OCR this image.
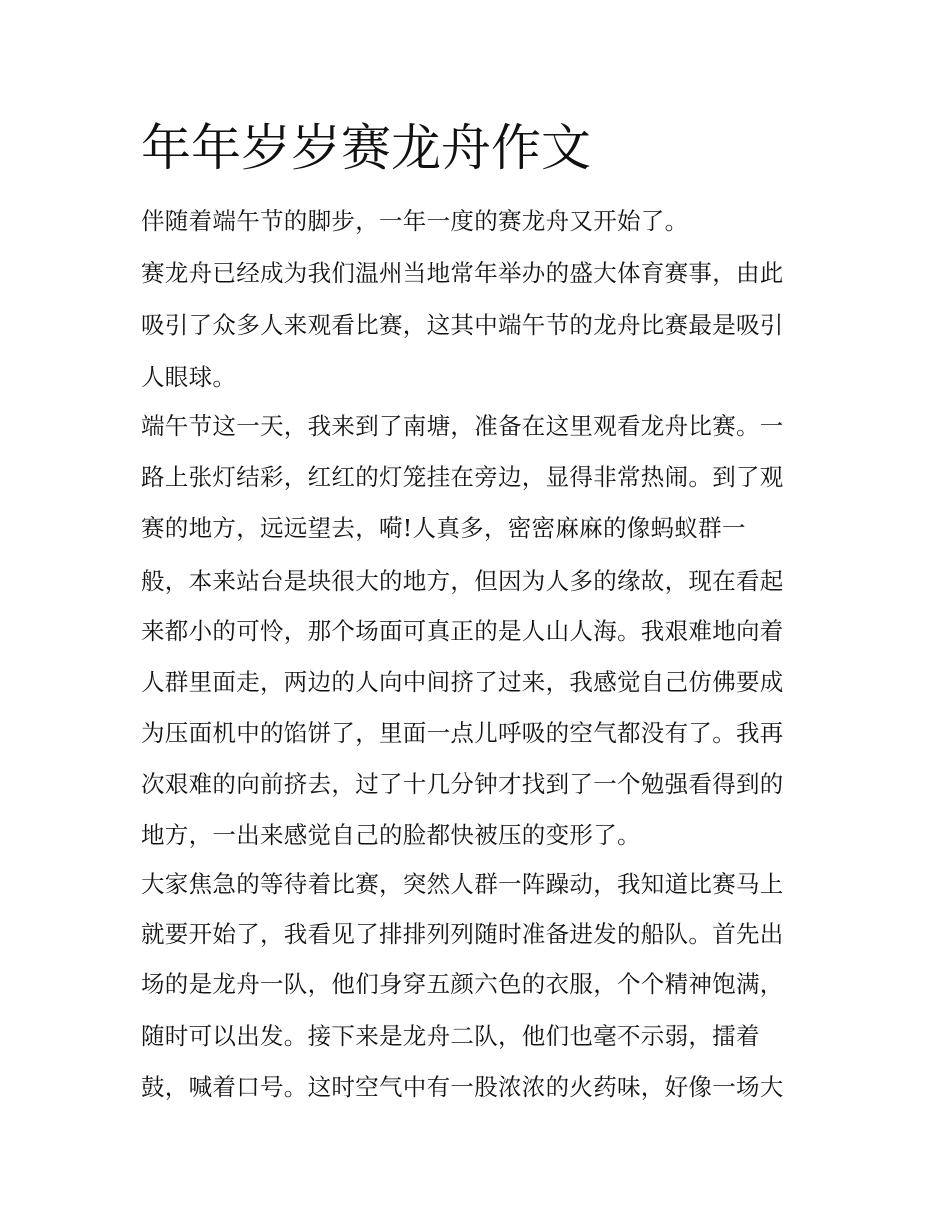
年年岁岁赛龙舟作文

伴随着端午节的脚步，一年一度的赛龙舟又开始了。

赛龙舟已经成为我们温州当地常年举办的盛大体育赛事，由此

吸引了众多人来观看比赛，这其中端午节的龙舟比赛最是吸引

人眼球。

端午节这一天，我来到了南塘，准备在这里观看龙舟比赛。一

路上张灯结彩，红红的灯笼挂在旁边，显得非常热闹。到了观

赛的地方，远远望去，嗬!人真多，密密麻麻的像蚂蚁群一

般，本来站台是块很大的地方，但因为人多的缘故，现在看起

来都小的可怜，那个场面可真正的是人山人海。我艰难地向着

人群里面走，两边的人向中间挤了过来，我感觉自己仿佛要成

为压面机中的馅饼了，里面一点儿呼吸的空气都没有了。我再

次艰难的向前挤去，过了十几分钟才找到了一个勉强看得到的

地方，一出来感觉自己的脸都快被压的变形了。

大家焦急的等待着比赛，突然人群一阵躁动，我知道比赛马上

就要开始了，我看见了排排列列随时准备进发的船队。首先出

场的是龙舟一队，他们身穿五颜六色的衣服，个个精神饱满，

随时可以出发。接下来是龙舟二队，他们也毫不示弱，擂着

鼓，喊着口号。这时空气中有一股浓浓的火药味，好像一场大
